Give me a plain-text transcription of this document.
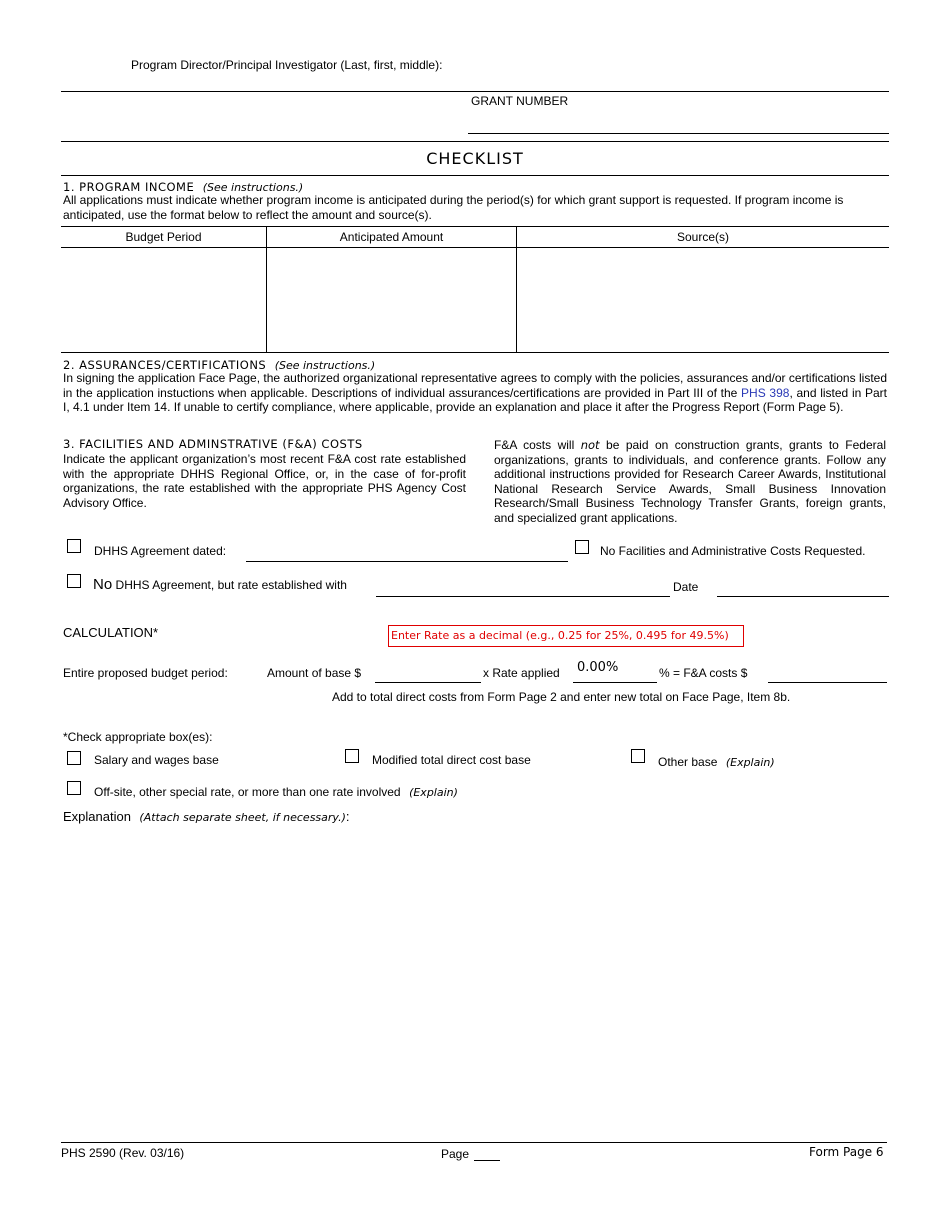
Program Director/Principal Investigator (Last, first, middle):
GRANT NUMBER
CHECKLIST
1. PROGRAM INCOME (See instructions.)
All applications must indicate whether program income is anticipated during the period(s) for which grant support is requested. If program income is anticipated, use the format below to reflect the amount and source(s).
Budget Period	Anticipated Amount	Source(s)
2. ASSURANCES/CERTIFICATIONS (See instructions.)
In signing the application Face Page, the authorized organizational representative agrees to comply with the policies, assurances and/or certifications listed in the application instuctions when applicable. Descriptions of individual assurances/certifications are provided in Part III of the PHS 398, and listed in Part I, 4.1 under Item 14. If unable to certify compliance, where applicable, provide an explanation and place it after the Progress Report (Form Page 5).
3. FACILITIES AND ADMINSTRATIVE (F&A) COSTS
Indicate the applicant organization’s most recent F&A cost rate established with the appropriate DHHS Regional Office, or, in the case of for-profit organizations, the rate established with the appropriate PHS Agency Cost Advisory Office.
F&A costs will not be paid on construction grants, grants to Federal organizations, grants to individuals, and conference grants. Follow any additional instructions provided for Research Career Awards, Institutional National Research Service Awards, Small Business Innovation Research/Small Business Technology Transfer Grants, foreign grants, and specialized grant applications.
DHHS Agreement dated:	No Facilities and Administrative Costs Requested.
No DHHS Agreement, but rate established with	Date
CALCULATION*	Enter Rate as a decimal (e.g., 0.25 for 25%, 0.495 for 49.5%)
Entire proposed budget period:	Amount of base $	x Rate applied 0.00%	% = F&A costs $
Add to total direct costs from Form Page 2 and enter new total on Face Page, Item 8b.
*Check appropriate box(es):
Salary and wages base	Modified total direct cost base	Other base (Explain)
Off-site, other special rate, or more than one rate involved (Explain)
Explanation (Attach separate sheet, if necessary.):
PHS 2590 (Rev. 03/16)	Page	Form Page 6
